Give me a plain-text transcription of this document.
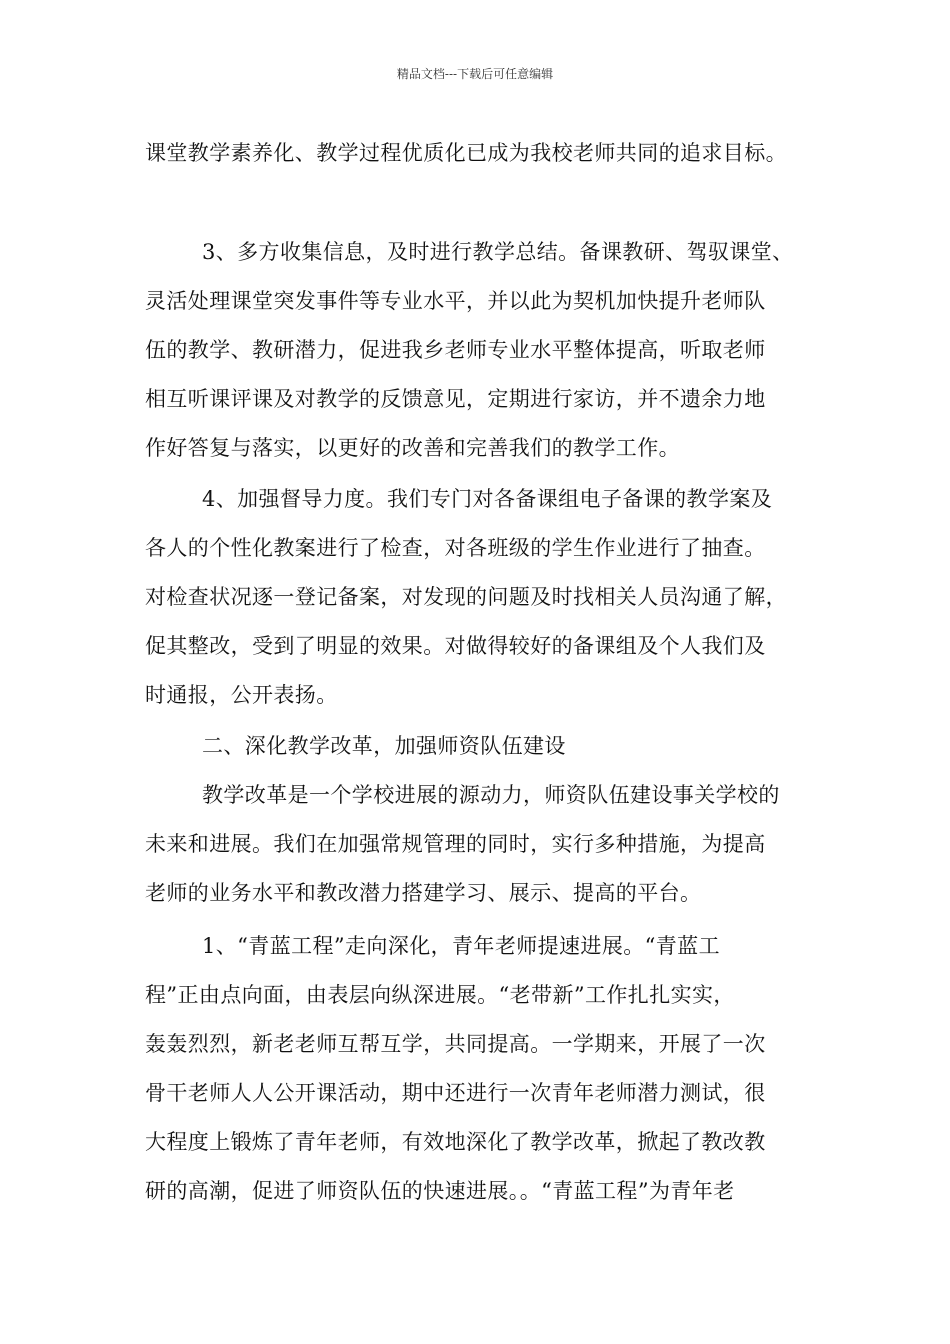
精品文档---下载后可任意编辑
课堂教学素养化、教学过程优质化已成为我校老师共同的追求目标。
3、多方收集信息，及时进行教学总结。备课教研、驾驭课堂、
灵活处理课堂突发事件等专业水平，并以此为契机加快提升老师队
伍的教学、教研潜力，促进我乡老师专业水平整体提高，听取老师
相互听课评课及对教学的反馈意见，定期进行家访，并不遗余力地
作好答复与落实，以更好的改善和完善我们的教学工作。
4、加强督导力度。我们专门对各备课组电子备课的教学案及
各人的个性化教案进行了检查，对各班级的学生作业进行了抽查。
对检查状况逐一登记备案，对发现的问题及时找相关人员沟通了解，
促其整改，受到了明显的效果。对做得较好的备课组及个人我们及
时通报，公开表扬。
二、深化教学改革，加强师资队伍建设
教学改革是一个学校进展的源动力，师资队伍建设事关学校的
未来和进展。我们在加强常规管理的同时，实行多种措施，为提高
老师的业务水平和教改潜力搭建学习、展示、提高的平台。
1、“青蓝工程”走向深化，青年老师提速进展。“青蓝工
程”正由点向面，由表层向纵深进展。“老带新”工作扎扎实实，
轰轰烈烈，新老老师互帮互学，共同提高。一学期来，开展了一次
骨干老师人人公开课活动，期中还进行一次青年老师潜力测试，很
大程度上锻炼了青年老师，有效地深化了教学改革，掀起了教改教
研的高潮，促进了师资队伍的快速进展。。“青蓝工程”为青年老
